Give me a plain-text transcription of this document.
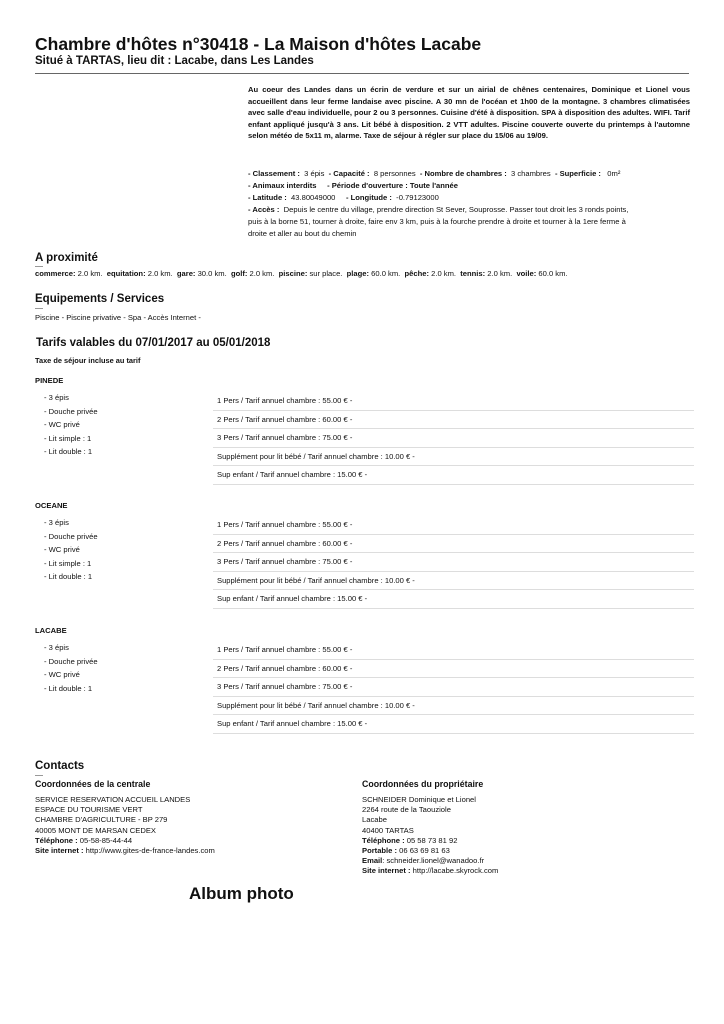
Chambre d'hôtes n°30418 - La Maison d'hôtes Lacabe
Situé à TARTAS, lieu dit : Lacabe, dans Les Landes

Au coeur des Landes dans un écrin de verdure et sur un airial de chênes centenaires, Dominique et Lionel vous accueillent dans leur ferme landaise avec piscine. A 30 mn de l'océan et 1h00 de la montagne. 3 chambres climatisées avec salle d'eau individuelle, pour 2 ou 3 personnes. Cuisine d'été à disposition. SPA à disposition des adultes. WIFI. Tarif enfant appliqué jusqu'à 3 ans. Lit bébé à disposition. 2 VTT adultes. Piscine couverte ouverte du printemps à l'automne selon météo de 5x11 m, alarme. Taxe de séjour à régler sur place du 15/06 au 19/09.

- Classement : 3 épis - Capacité : 8 personnes - Nombre de chambres : 3 chambres - Superficie : 0m²
- Animaux interdits - Période d'ouverture : Toute l'année
- Latitude : 43.80049000 - Longitude : -0.79123000
- Accès : Depuis le centre du village, prendre direction St Sever, Souprosse. Passer tout droit les 3 ronds points,
puis à la borne 51, tourner à droite, faire env 3 km, puis à la fourche prendre à droite et tourner à la 1ere ferme à
droite et aller au bout du chemin
A proximité
commerce: 2.0 km. equitation: 2.0 km. gare: 30.0 km. golf: 2.0 km. piscine: sur place. plage: 60.0 km. pêche: 2.0 km. tennis: 2.0 km. voile: 60.0 km.
Equipements / Services
Piscine - Piscine privative - Spa - Accès Internet -
Tarifs valables du 07/01/2017 au 05/01/2018
Taxe de séjour incluse au tarif
PINEDE
- 3 épis
- Douche privée
- WC privé
- Lit simple : 1
- Lit double : 1
1 Pers / Tarif annuel chambre : 55.00 € -
2 Pers / Tarif annuel chambre : 60.00 € -
3 Pers / Tarif annuel chambre : 75.00 € -
Supplément pour lit bébé / Tarif annuel chambre : 10.00 € -
Sup enfant / Tarif annuel chambre : 15.00 € -
OCEANE
- 3 épis
- Douche privée
- WC privé
- Lit simple : 1
- Lit double : 1
1 Pers / Tarif annuel chambre : 55.00 € -
2 Pers / Tarif annuel chambre : 60.00 € -
3 Pers / Tarif annuel chambre : 75.00 € -
Supplément pour lit bébé / Tarif annuel chambre : 10.00 € -
Sup enfant / Tarif annuel chambre : 15.00 € -
LACABE
- 3 épis
- Douche privée
- WC privé
- Lit double : 1
1 Pers / Tarif annuel chambre : 55.00 € -
2 Pers / Tarif annuel chambre : 60.00 € -
3 Pers / Tarif annuel chambre : 75.00 € -
Supplément pour lit bébé / Tarif annuel chambre : 10.00 € -
Sup enfant / Tarif annuel chambre : 15.00 € -
Contacts
Coordonnées de la centrale
SERVICE RESERVATION ACCUEIL LANDES
ESPACE DU TOURISME VERT
CHAMBRE D'AGRICULTURE - BP 279
40005 MONT DE MARSAN CEDEX
Téléphone : 05-58-85-44-44
Site internet : http://www.gites-de-france-landes.com
Coordonnées du propriétaire
SCHNEIDER Dominique et Lionel
2264 route de la Taouziole
Lacabe
40400 TARTAS
Téléphone : 05 58 73 81 92
Portable : 06 63 69 81 63
Email: schneider.lionel@wanadoo.fr
Site internet : http://lacabe.skyrock.com
Album photo
